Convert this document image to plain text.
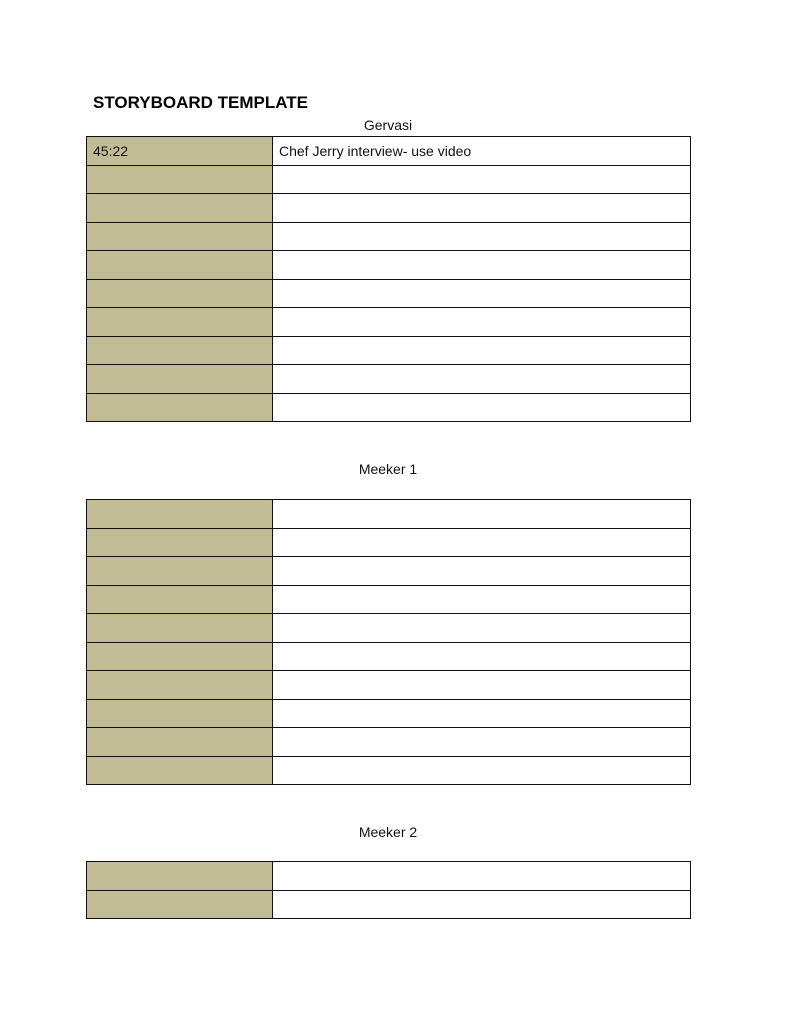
STORYBOARD TEMPLATE
Gervasi
45:22	Chef Jerry interview- use video

Meeker 1

Meeker 2
